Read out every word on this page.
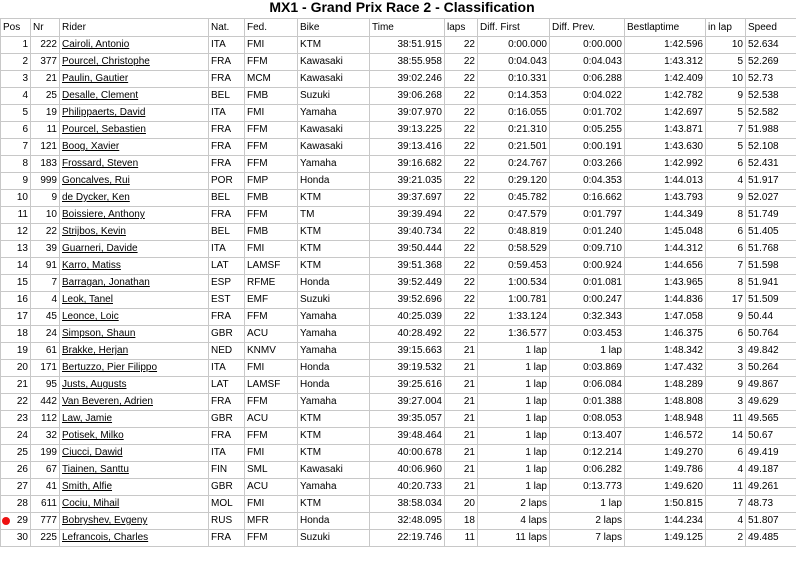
MX1 - Grand Prix Race 2 - Classification
Pos	Nr	Rider	Nat.	Fed.	Bike	Time	laps	Diff. First	Diff. Prev.	Bestlaptime	in lap	Speed

1	222	Cairoli, Antonio	ITA	FMI	KTM	38:51.915	22	0:00.000	0:00.000	1:42.596	10	52.634

2	377	Pourcel, Christophe	FRA	FFM	Kawasaki	38:55.958	22	0:04.043	0:04.043	1:43.312	5	52.269

3	21	Paulin, Gautier	FRA	MCM	Kawasaki	39:02.246	22	0:10.331	0:06.288	1:42.409	10	52.73

4	25	Desalle, Clement	BEL	FMB	Suzuki	39:06.268	22	0:14.353	0:04.022	1:42.782	9	52.538

5	19	Philippaerts, David	ITA	FMI	Yamaha	39:07.970	22	0:16.055	0:01.702	1:42.697	5	52.582

6	11	Pourcel, Sebastien	FRA	FFM	Kawasaki	39:13.225	22	0:21.310	0:05.255	1:43.871	7	51.988

7	121	Boog, Xavier	FRA	FFM	Kawasaki	39:13.416	22	0:21.501	0:00.191	1:43.630	5	52.108

8	183	Frossard, Steven	FRA	FFM	Yamaha	39:16.682	22	0:24.767	0:03.266	1:42.992	6	52.431

9	999	Goncalves, Rui	POR	FMP	Honda	39:21.035	22	0:29.120	0:04.353	1:44.013	4	51.917

10	9	de Dycker, Ken	BEL	FMB	KTM	39:37.697	22	0:45.782	0:16.662	1:43.793	9	52.027

11	10	Boissiere, Anthony	FRA	FFM	TM	39:39.494	22	0:47.579	0:01.797	1:44.349	8	51.749

12	22	Strijbos, Kevin	BEL	FMB	KTM	39:40.734	22	0:48.819	0:01.240	1:45.048	6	51.405

13	39	Guarneri, Davide	ITA	FMI	KTM	39:50.444	22	0:58.529	0:09.710	1:44.312	6	51.768

14	91	Karro, Matiss	LAT	LAMSF	KTM	39:51.368	22	0:59.453	0:00.924	1:44.656	7	51.598

15	7	Barragan, Jonathan	ESP	RFME	Honda	39:52.449	22	1:00.534	0:01.081	1:43.965	8	51.941

16	4	Leok, Tanel	EST	EMF	Suzuki	39:52.696	22	1:00.781	0:00.247	1:44.836	17	51.509

17	45	Leonce, Loic	FRA	FFM	Yamaha	40:25.039	22	1:33.124	0:32.343	1:47.058	9	50.44

18	24	Simpson, Shaun	GBR	ACU	Yamaha	40:28.492	22	1:36.577	0:03.453	1:46.375	6	50.764

19	61	Brakke, Herjan	NED	KNMV	Yamaha	39:15.663	21	1 lap	1 lap	1:48.342	3	49.842

20	171	Bertuzzo, Pier Filippo	ITA	FMI	Honda	39:19.532	21	1 lap	0:03.869	1:47.432	3	50.264

21	95	Justs, Augusts	LAT	LAMSF	Honda	39:25.616	21	1 lap	0:06.084	1:48.289	9	49.867

22	442	Van Beveren, Adrien	FRA	FFM	Yamaha	39:27.004	21	1 lap	0:01.388	1:48.808	3	49.629

23	112	Law, Jamie	GBR	ACU	KTM	39:35.057	21	1 lap	0:08.053	1:48.948	11	49.565

24	32	Potisek, Milko	FRA	FFM	KTM	39:48.464	21	1 lap	0:13.407	1:46.572	14	50.67

25	199	Ciucci, Dawid	ITA	FMI	KTM	40:00.678	21	1 lap	0:12.214	1:49.270	6	49.419

26	67	Tiainen, Santtu	FIN	SML	Kawasaki	40:06.960	21	1 lap	0:06.282	1:49.786	4	49.187

27	41	Smith, Alfie	GBR	ACU	Yamaha	40:20.733	21	1 lap	0:13.773	1:49.620	11	49.261

28	611	Cociu, Mihail	MOL	FMI	KTM	38:58.034	20	2 laps	1 lap	1:50.815	7	48.73

29	777	Bobryshev, Evgeny	RUS	MFR	Honda	32:48.095	18	4 laps	2 laps	1:44.234	4	51.807

30	225	Lefrancois, Charles	FRA	FFM	Suzuki	22:19.746	11	11 laps	7 laps	1:49.125	2	49.485
